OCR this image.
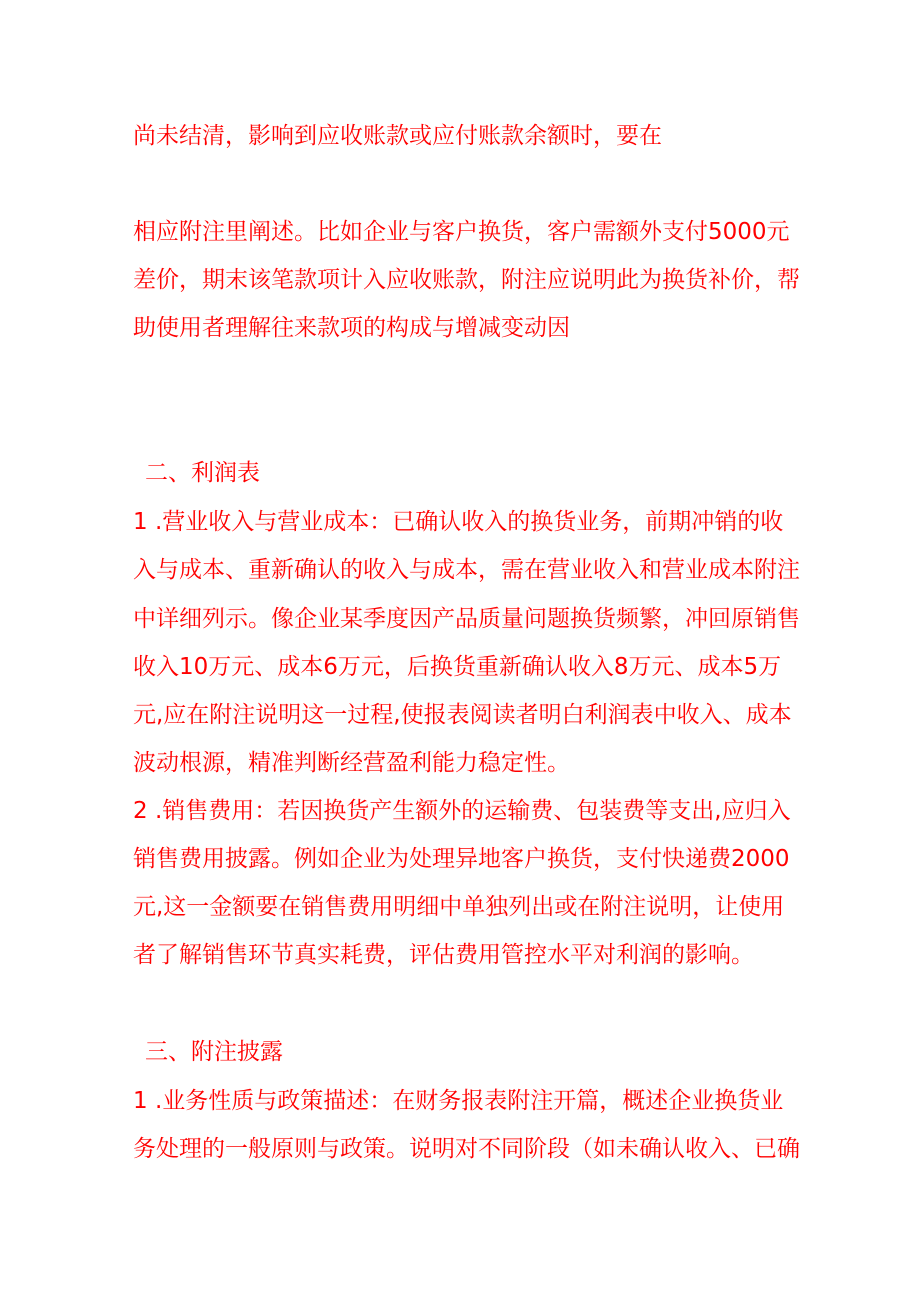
尚未结清，影响到应收账款或应付账款余额时，要在
相应附注里阐述。比如企业与客户换货，客户需额外支付5000元
差价，期末该笔款项计入应收账款，附注应说明此为换货补价，帮
助使用者理解往来款项的构成与增减变动因
二、利润表
1 .营业收入与营业成本：已确认收入的换货业务，前期冲销的收
入与成本、重新确认的收入与成本，需在营业收入和营业成本附注
中详细列示。像企业某季度因产品质量问题换货频繁，冲回原销售
收入10万元、成本6万元，后换货重新确认收入8万元、成本5万
元,应在附注说明这一过程,使报表阅读者明白利润表中收入、成本
波动根源，精准判断经营盈利能力稳定性。
2 .销售费用：若因换货产生额外的运输费、包装费等支出,应归入
销售费用披露。例如企业为处理异地客户换货，支付快递费2000
元,这一金额要在销售费用明细中单独列出或在附注说明，让使用
者了解销售环节真实耗费，评估费用管控水平对利润的影响。
三、附注披露
1 .业务性质与政策描述：在财务报表附注开篇，概述企业换货业
务处理的一般原则与政策。说明对不同阶段（如未确认收入、已确
